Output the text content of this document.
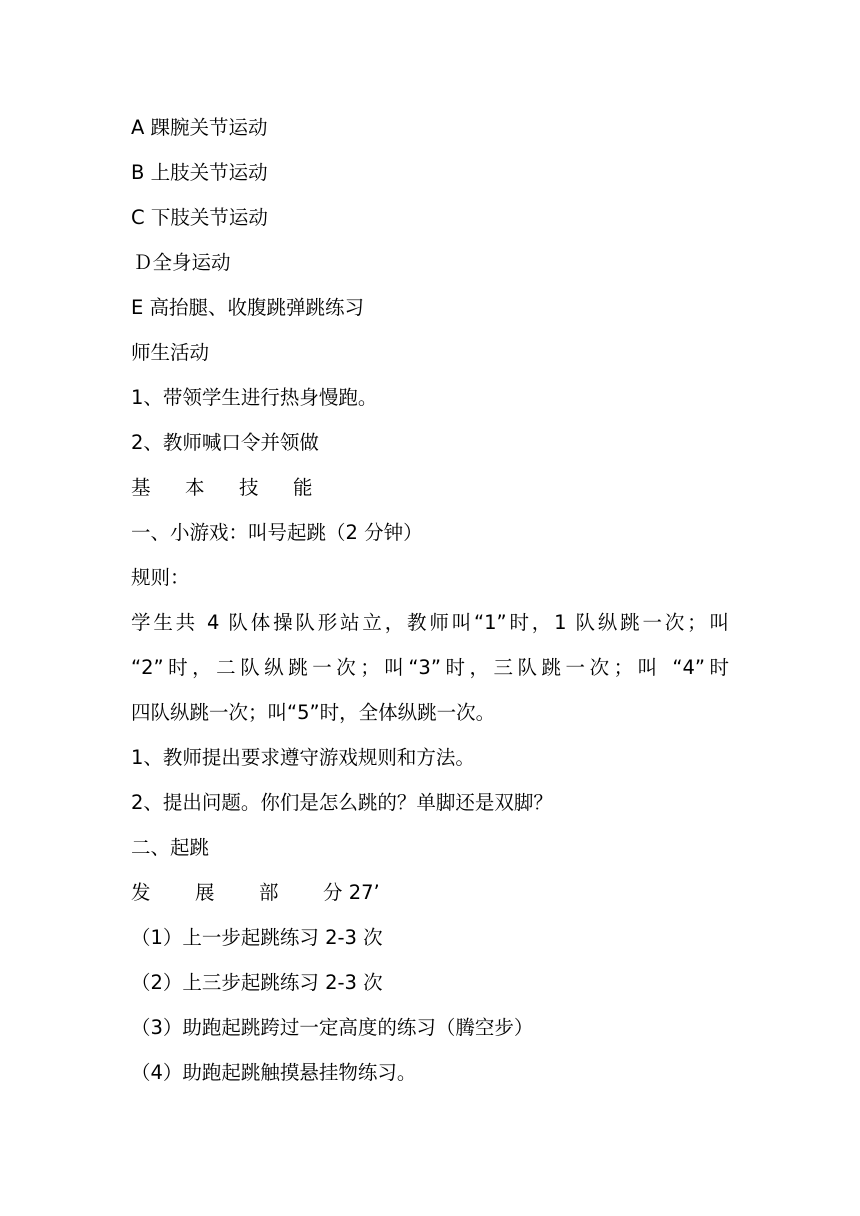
A 踝腕关节运动
B 上肢关节运动
C 下肢关节运动
Ｄ全身运动
E 高抬腿、收腹跳弹跳练习
师生活动
1、带领学生进行热身慢跑。
2、教师喊口令并领做
基 本 技 能
一、小游戏：叫号起跳（2 分钟）
规则：
学生共 4 队体操队形站立，教师叫“1”时，1 队纵跳一次；叫
“2”时，二队纵跳一次；叫“3”时，三队跳一次；叫 “4”时
四队纵跳一次；叫“5”时，全体纵跳一次。
1、教师提出要求遵守游戏规则和方法。
2、提出问题。你们是怎么跳的？单脚还是双脚？
二、起跳
发 展 部 分 27’
（1）上一步起跳练习 2-3 次
（2）上三步起跳练习 2-3 次
（3）助跑起跳跨过一定高度的练习（腾空步）
（4）助跑起跳触摸悬挂物练习。
